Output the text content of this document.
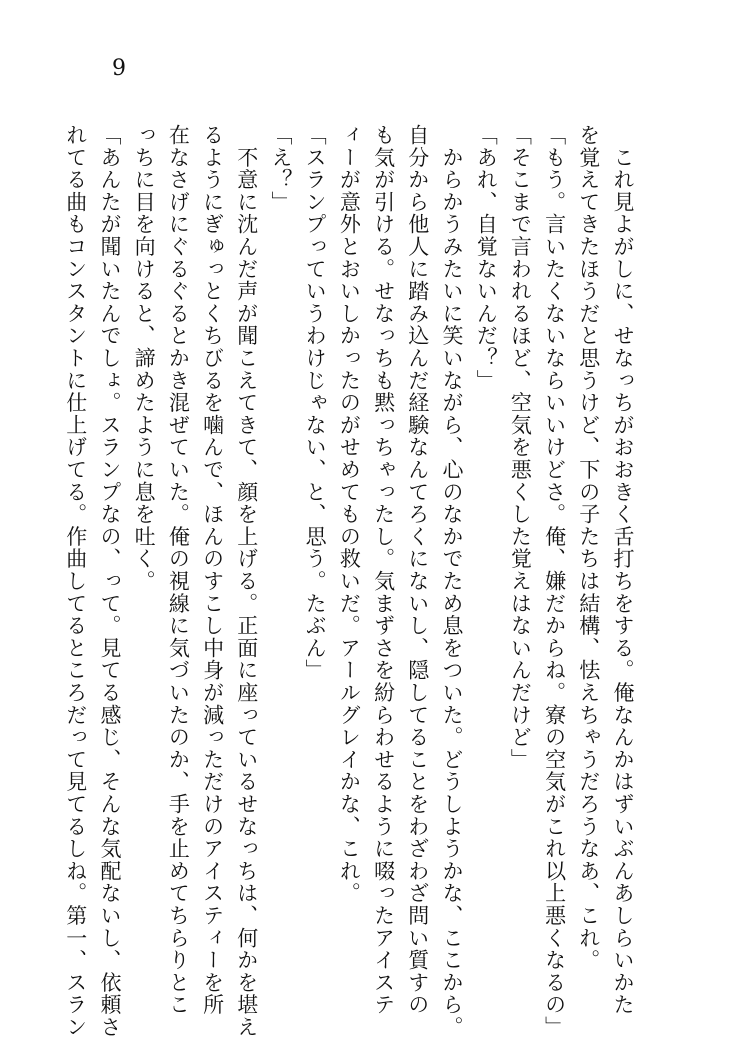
9
　これ見よがしに、せなっちがおおきく舌打ちをする。俺なんかはずいぶんあしらいかた
を覚えてきたほうだと思うけど、下の子たちは結構、怯えちゃうだろうなあ、これ。
「もう。言いたくないならいいけどさ。俺、嫌だからね。寮の空気がこれ以上悪くなるの」
「そこまで言われるほど、空気を悪くした覚えはないんだけど」
「あれ、自覚ないんだ？」
　からかうみたいに笑いながら、心のなかでため息をついた。どうしようかな、ここから。
自分から他人に踏み込んだ経験なんてろくにないし、隠してることをわざわざ問い質すの
も気が引ける。せなっちも黙っちゃったし。気まずさを紛らわせるように啜ったアイステ
ィーが意外とおいしかったのがせめてもの救いだ。アールグレイかな、これ。
「スランプっていうわけじゃない、と、思う。たぶん」
「え？」
　不意に沈んだ声が聞こえてきて、顔を上げる。正面に座っているせなっちは、何かを堪え
るようにぎゅっとくちびるを噛んで、ほんのすこし中身が減っただけのアイスティーを所
在なさげにぐるぐるとかき混ぜていた。俺の視線に気づいたのか、手を止めてちらりとこ
っちに目を向けると、諦めたように息を吐く。
「あんたが聞いたんでしょ。スランプなの、って。見てる感じ、そんな気配ないし、依頼さ
れてる曲もコンスタントに仕上げてる。作曲してるところだって見てるしね。第一、スラン
